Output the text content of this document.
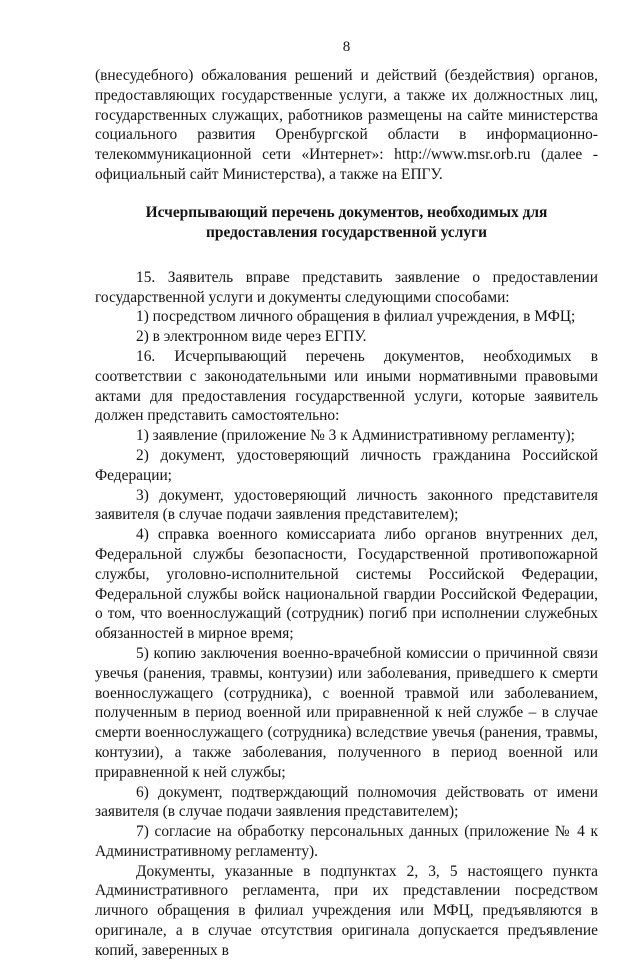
8

(внесудебного) обжалования решений и действий (бездействия) органов, предоставляющих государственные услуги, а также их должностных лиц, государственных служащих, работников размещены на сайте министерства социального развития Оренбургской области в информационно-телекоммуникационной сети «Интернет»: http://www.msr.orb.ru (далее - официальный сайт Министерства), а также на ЕПГУ.

Исчерпывающий перечень документов, необходимых для
предоставления государственной услуги

15. Заявитель вправе представить заявление о предоставлении государственной услуги и документы следующими способами:

1) посредством личного обращения в филиал учреждения, в МФЦ;

2) в электронном виде через ЕГПУ.

16. Исчерпывающий перечень документов, необходимых в соответствии с законодательными или иными нормативными правовыми актами для предоставления государственной услуги, которые заявитель должен представить самостоятельно:

1) заявление (приложение № 3 к Административному регламенту);

2) документ, удостоверяющий личность гражданина Российской Федерации;

3) документ, удостоверяющий личность законного представителя заявителя (в случае подачи заявления представителем);

4) справка военного комиссариата либо органов внутренних дел, Федеральной службы безопасности, Государственной противопожарной службы, уголовно-исполнительной системы Российской Федерации, Федеральной службы войск национальной гвардии Российской Федерации, о том, что военнослужащий (сотрудник) погиб при исполнении служебных обязанностей в мирное время;

5) копию заключения военно-врачебной комиссии о причинной связи увечья (ранения, травмы, контузии) или заболевания, приведшего к смерти военнослужащего (сотрудника), с военной травмой или заболеванием, полученным в период военной или приравненной к ней службе – в случае смерти военнослужащего (сотрудника) вследствие увечья (ранения, травмы, контузии), а также заболевания, полученного в период военной или приравненной к ней службы;

6) документ, подтверждающий полномочия действовать от имени заявителя (в случае подачи заявления представителем);

7) согласие на обработку персональных данных (приложение № 4 к Административному регламенту).

Документы, указанные в подпунктах 2, 3, 5 настоящего пункта Административного регламента, при их представлении посредством личного обращения в филиал учреждения или МФЦ, предъявляются в оригинале, а в случае отсутствия оригинала допускается предъявление копий, заверенных в
